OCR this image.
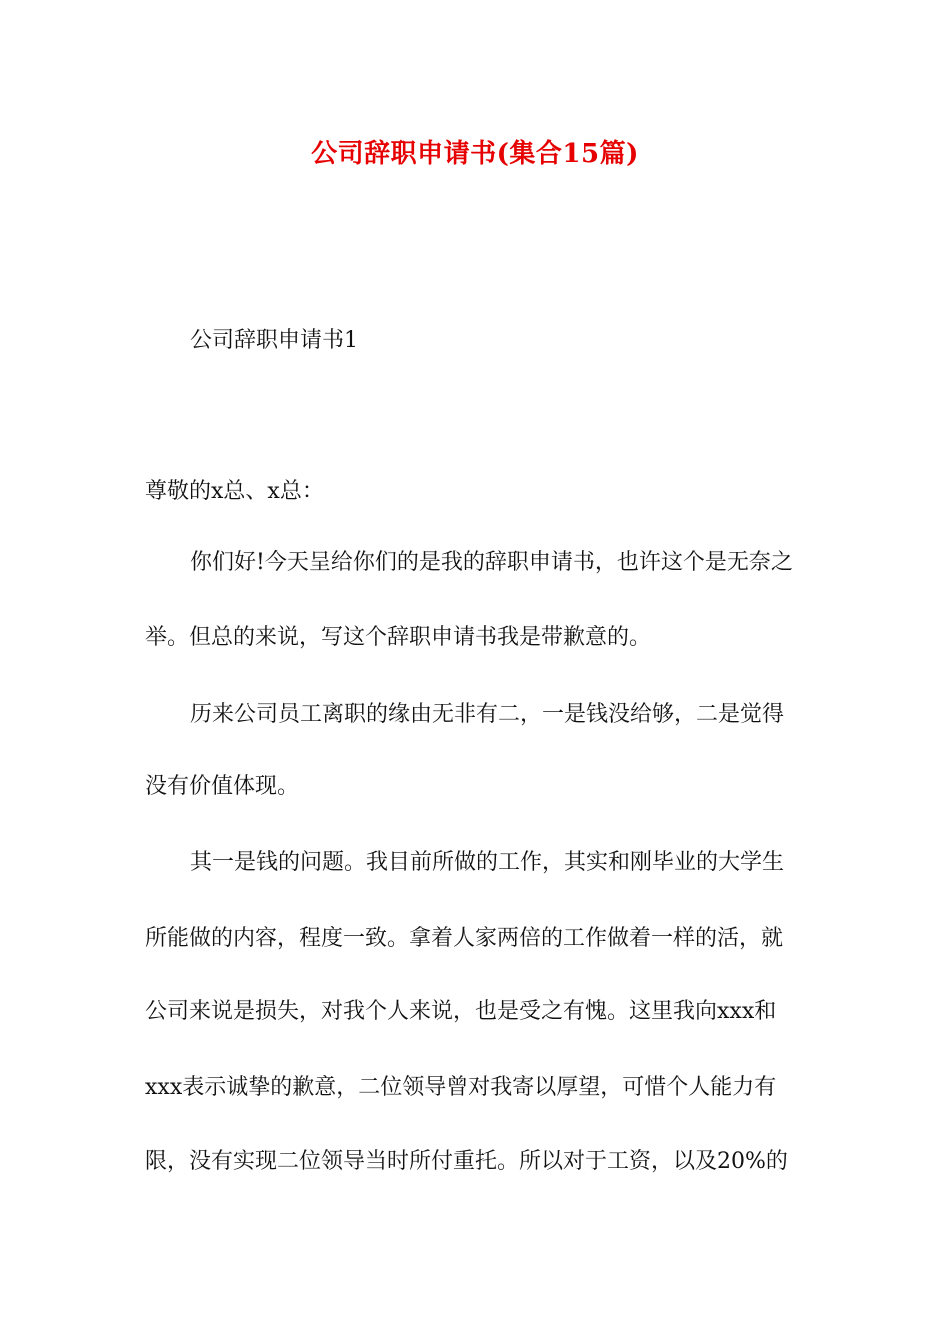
公司辞职申请书(集合15篇)
公司辞职申请书1
尊敬的x总、x总：
你们好!今天呈给你们的是我的辞职申请书，也许这个是无奈之
举。但总的来说，写这个辞职申请书我是带歉意的。
历来公司员工离职的缘由无非有二，一是钱没给够，二是觉得
没有价值体现。
其一是钱的问题。我目前所做的工作，其实和刚毕业的大学生
所能做的内容，程度一致。拿着人家两倍的工作做着一样的活，就
公司来说是损失，对我个人来说，也是受之有愧。这里我向xxx和
xxx表示诚挚的歉意，二位领导曾对我寄以厚望，可惜个人能力有
限，没有实现二位领导当时所付重托。所以对于工资，以及20%的
